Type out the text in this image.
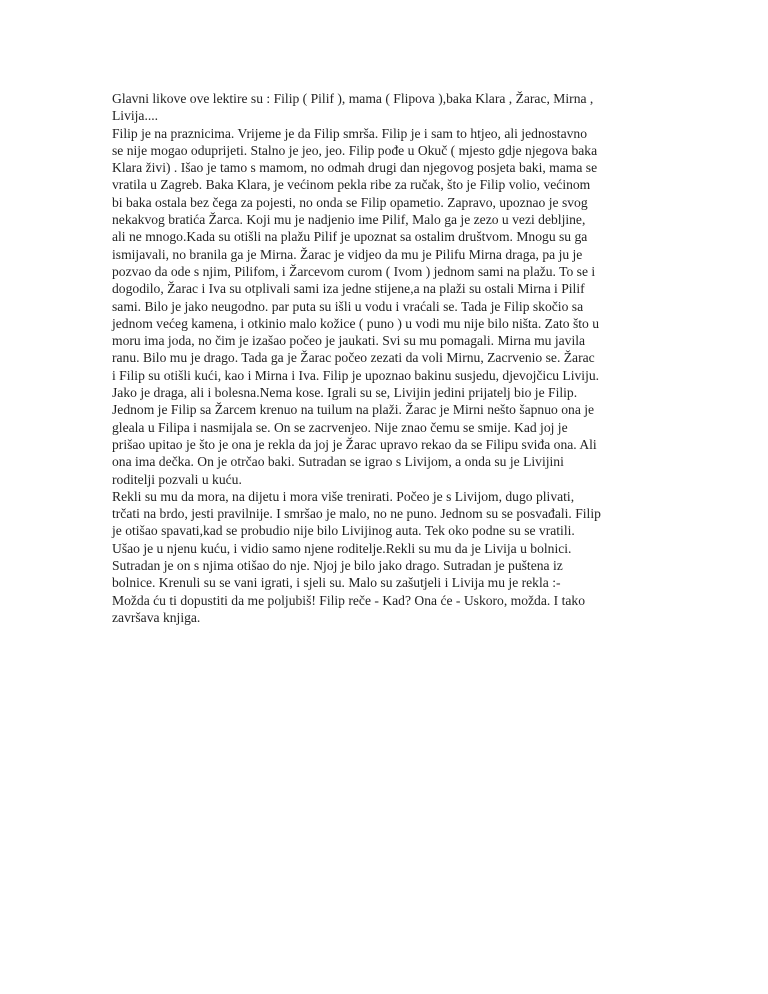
Glavni likove ove lektire su : Filip ( Pilif ), mama ( Flipova ),baka Klara , Žarac, Mirna ,
Livija....
Filip je na praznicima. Vrijeme je da Filip smrša. Filip je i sam to htjeo, ali jednostavno
se nije mogao oduprijeti. Stalno je jeo, jeo. Filip pođe u Okuč ( mjesto gdje njegova baka
Klara živi) . Išao je tamo s mamom, no odmah drugi dan njegovog posjeta baki, mama se
vratila u Zagreb. Baka Klara, je većinom pekla ribe za ručak, što je Filip volio, većinom
bi baka ostala bez čega za pojesti, no onda se Filip opametio. Zapravo, upoznao je svog
nekakvog bratića Žarca. Koji mu je nadjenio ime Pilif, Malo ga je zezo u vezi debljine,
ali ne mnogo.Kada su otišli na plažu Pilif je upoznat sa ostalim društvom. Mnogu su ga
ismijavali, no branila ga je Mirna. Žarac je vidjeo da mu je Pilifu Mirna draga, pa ju je
pozvao da ode s njim, Pilifom, i Žarcevom curom ( Ivom ) jednom sami na plažu. To se i
dogodilo, Žarac i Iva su otplivali sami iza jedne stijene,a na plaži su ostali Mirna i Pilif
sami. Bilo je jako neugodno. par puta su išli u vodu i vraćali se. Tada je Filip skočio sa
jednom većeg kamena, i otkinio malo kožice ( puno ) u vodi mu nije bilo ništa. Zato što u
moru ima joda, no čim je izašao počeo je jaukati. Svi su mu pomagali. Mirna mu javila
ranu. Bilo mu je drago. Tada ga je Žarac počeo zezati da voli Mirnu, Zacrvenio se. Žarac
i Filip su otišli kući, kao i Mirna i Iva. Filip je upoznao bakinu susjedu, djevojčicu Liviju.
Jako je draga, ali i bolesna.Nema kose. Igrali su se, Livijin jedini prijatelj bio je Filip.
Jednom je Filip sa Žarcem krenuo na tuilum na plaži. Žarac je Mirni nešto šapnuo ona je
gleala u Filipa i nasmijala se. On se zacrvenjeo. Nije znao čemu se smije. Kad joj je
prišao upitao je što je ona je rekla da joj je Žarac upravo rekao da se Filipu sviđa ona. Ali
ona ima dečka. On je otrčao baki. Sutradan se igrao s Livijom, a onda su je Livijini
roditelji pozvali u kuću.
Rekli su mu da mora, na dijetu i mora više trenirati. Počeo je s Livijom, dugo plivati,
trčati na brdo, jesti pravilnije. I smršao je malo, no ne puno. Jednom su se posvađali. Filip
je otišao spavati,kad se probudio nije bilo Livijinog auta. Tek oko podne su se vratili.
Ušao je u njenu kuću, i vidio samo njene roditelje.Rekli su mu da je Livija u bolnici.
Sutradan je on s njima otišao do nje. Njoj je bilo jako drago. Sutradan je puštena iz
bolnice. Krenuli su se vani igrati, i sjeli su. Malo su zašutjeli i Livija mu je rekla :-
Možda ću ti dopustiti da me poljubiš! Filip reče - Kad? Ona će - Uskoro, možda. I tako
završava knjiga.
